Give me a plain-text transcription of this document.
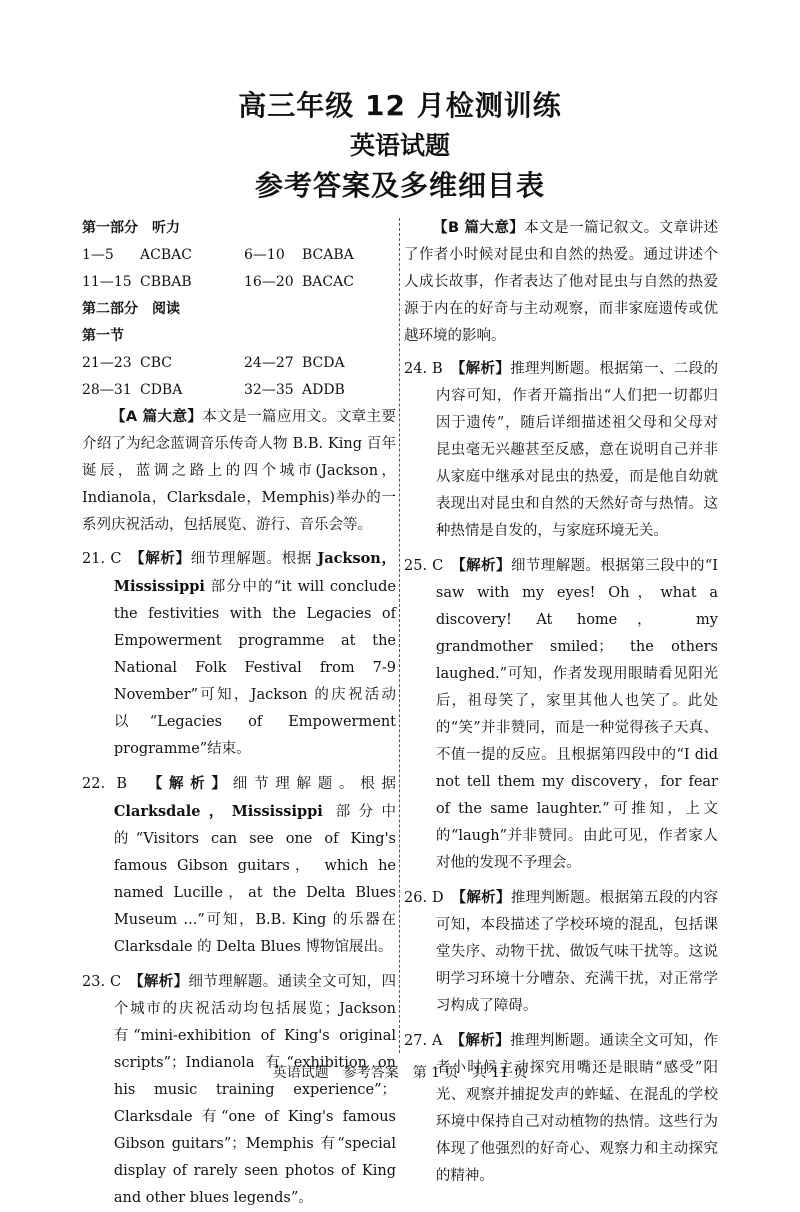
高三年级 12 月检测训练
英语试题
参考答案及多维细目表
第一部分 听力
1—5 ACBAC	6—10 BCABA
11—15 CBBAB	16—20 BACAC
第二部分 阅读
第一节
21—23 CBC	24—27 BCDA
28—31 CDBA	32—35 ADDB
【A 篇大意】本文是一篇应用文。文章主要介绍了为纪念蓝调音乐传奇人物 B.B. King 百年诞辰，蓝调之路上的四个城市(Jackson，Indianola，Clarksdale，Memphis)举办的一系列庆祝活动，包括展览、游行、音乐会等。
21. C　【解析】细节理解题。根据 Jackson，Mississippi 部分中的“it will conclude the festivities with the Legacies of Empowerment programme at the National Folk Festival from 7-9 November”可知，Jackson 的庆祝活动以“Legacies of Empowerment programme”结束。
22. B　【解析】细节理解题。根据 Clarksdale，Mississippi 部分中的“Visitors can see one of King's famous Gibson guitars， which he named Lucille，at the Delta Blues Museum ...”可知，B.B. King 的乐器在 Clarksdale 的 Delta Blues 博物馆展出。
23. C　【解析】细节理解题。通读全文可知，四个城市的庆祝活动均包括展览；Jackson 有“mini-exhibition of King's original scripts”；Indianola 有“exhibition on his music training experience”；Clarksdale 有“one of King's famous Gibson guitars”；Memphis 有“special display of rarely seen photos of King and other blues legends”。
【B 篇大意】本文是一篇记叙文。文章讲述了作者小时候对昆虫和自然的热爱。通过讲述个人成长故事，作者表达了他对昆虫与自然的热爱源于内在的好奇与主动观察，而非家庭遗传或优越环境的影响。
24. B　【解析】推理判断题。根据第一、二段的内容可知，作者开篇指出“人们把一切都归因于遗传”，随后详细描述祖父母和父母对昆虫毫无兴趣甚至反感，意在说明自己并非从家庭中继承对昆虫的热爱，而是他自幼就表现出对昆虫和自然的天然好奇与热情。这种热情是自发的，与家庭环境无关。
25. C　【解析】细节理解题。根据第三段中的“I saw with my eyes! Oh，what a discovery! At home， my grandmother smiled； the others laughed.”可知，作者发现用眼睛看见阳光后，祖母笑了，家里其他人也笑了。此处的“笑”并非赞同，而是一种觉得孩子天真、不值一提的反应。且根据第四段中的“I did not tell them my discovery，for fear of the same laughter.”可推知，上文的“laugh”并非赞同。由此可见，作者家人对他的发现不予理会。
26. D　【解析】推理判断题。根据第五段的内容可知，本段描述了学校环境的混乱，包括课堂失序、动物干扰、做饭气味干扰等。这说明学习环境十分嘈杂、充满干扰，对正常学习构成了障碍。
27. A　【解析】推理判断题。通读全文可知，作者小时候主动探究用嘴还是眼睛“感受”阳光、观察并捕捉发声的蚱蜢、在混乱的学校环境中保持自己对动植物的热情。这些行为体现了他强烈的好奇心、观察力和主动探究的精神。
英语试题　参考答案　第 1 页　共 11 页
